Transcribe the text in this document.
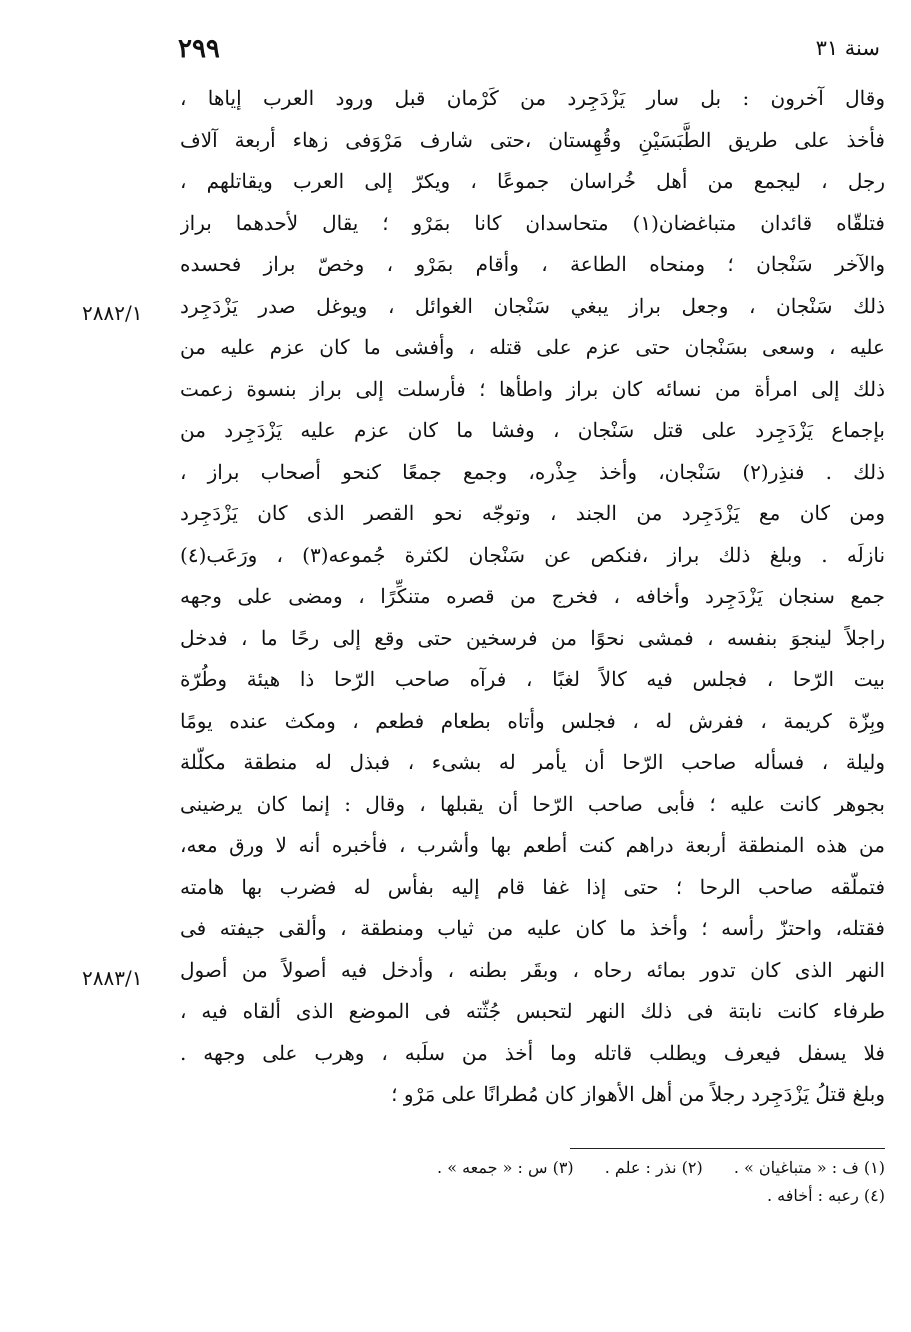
٢٩٩	سنة ٣١
وقال آخرون : بل سار يَزْدَجِرد من كَرْمان قبل ورود العرب إياها ،
فأخذ على طريق الطَّبَسَيْنِ وقُهِستان ،حتى شارف مَرْوَفى زهاء أربعة آلاف
رجل ، ليجمع من أهل خُراسان جموعًا ، ويكرّ إلى العرب ويقاتلهم ،
فتلقّاه قائدان متباغضان(١) متحاسدان كانا بمَرْو ؛ يقال لأحدهما براز
والآخر سَنْجان ؛ ومنحاه الطاعة ، وأقام بمَرْو ، وخصّ براز فحسده
ذلك سَنْجان ، وجعل براز يبغي سَنْجان الغوائل ، ويوغل صدر يَزْدَجِرد
عليه ، وسعى بسَنْجان حتى عزم على قتله ، وأفشى ما كان عزم عليه من
ذلك إلى امرأة من نسائه كان براز واطأها ؛ فأرسلت إلى براز بنسوة زعمت
بإجماع يَزْدَجِرد على قتل سَنْجان ، وفشا ما كان عزم عليه يَزْدَجِرد من
ذلك . فنذِر(٢) سَنْجان، وأخذ حِذْره، وجمع جمعًا كنحو أصحاب براز ،
ومن كان مع يَزْدَجِرد من الجند ، وتوجّه نحو القصر الذى كان يَزْدَجِرد
نازلَه . وبلغ ذلك براز ،فنكص عن سَنْجان لكثرة جُموعه(٣) ، ورَعَب(٤)
جمع سنجان يَزْدَجِرد وأخافه ، فخرج من قصره متنكِّرًا ، ومضى على وجهه
راجلاً لينجوَ بنفسه ، فمشى نحوًا من فرسخين حتى وقع إلى رحًا ما ، فدخل
بيت الرّحا ، فجلس فيه كالاً لغبًا ، فرآه صاحب الرّحا ذا هيئة وطُرّة
وبِزّة كريمة ، ففرش له ، فجلس وأتاه بطعام فطعم ، ومكث عنده يومًا
وليلة ، فسأله صاحب الرّحا أن يأمر له بشىء ، فبذل له منطقة مكلّلة
بجوهر كانت عليه ؛ فأبى صاحب الرّحا أن يقبلها ، وقال : إنما كان يرضينى
من هذه المنطقة أربعة دراهم كنت أطعم بها وأشرب ، فأخبره أنه لا ورق معه،
فتملّقه صاحب الرحا ؛ حتى إذا غفا قام إليه بفأس له فضرب بها هامته
فقتله، واحتزّ رأسه ؛ وأخذ ما كان عليه من ثياب ومنطقة ، وألقى جيفته فى
النهر الذى كان تدور بمائه رحاه ، وبقَر بطنه ، وأدخل فيه أصولاً من أصول
طرفاء كانت نابتة فى ذلك النهر لتحبس جُثّته فى الموضع الذى ألقاه فيه ،
فلا يسفل فيعرف ويطلب قاتله وما أخذ من سلَبه ، وهرب على وجهه .
وبلغ قتلُ يَزْدَجِرد رجلاً من أهل الأهواز كان مُطرانًا على مَرْو ؛
٢٨٨٢/١
٢٨٨٣/١
(١) ف : « متباغيان » . (٢) نذر : علم . (٣) س : « جمعه » .
(٤) رعبه : أخافه .
